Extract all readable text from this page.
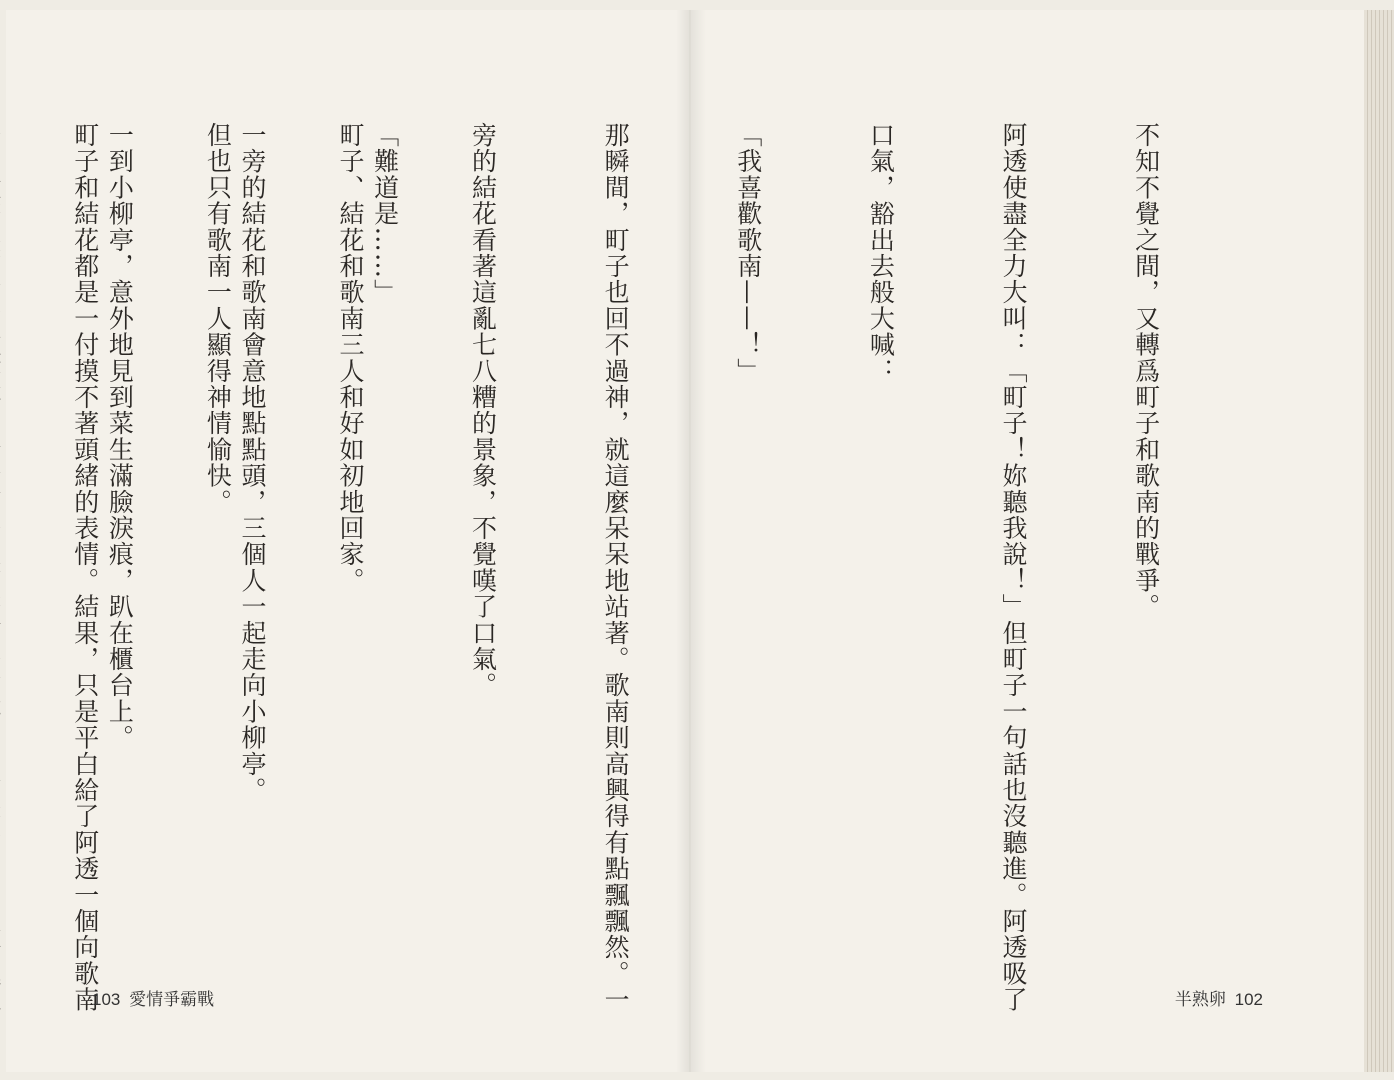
「難道是……」

一旁的結花和歌南會意地點點頭，三個人一起走向小柳亭。

一到小柳亭，意外地見到菜生滿臉淚痕，趴在櫃台上。

	不知不覺之間，又轉爲町子和歌南的戰爭。

阿透使盡全力大叫：「町子！妳聽我說！」但町子一句話也沒聽進。阿透吸了

口氣，豁出去般大喊：

「我喜歡歌南——！」

那瞬間，町子也回不過神，就這麼呆呆地站著。歌南則高興得有點飄飄然。一

旁的結花看著這亂七八糟的景象，不覺嘆了口氣。

町子、結花和歌南三人和好如初地回家。

但也只有歌南一人顯得神情愉快。

町子和結花都是一付摸不著頭緒的表情。結果，只是平白給了阿透一個向歌南

103 愛情爭霸戰	半熟卵 102
